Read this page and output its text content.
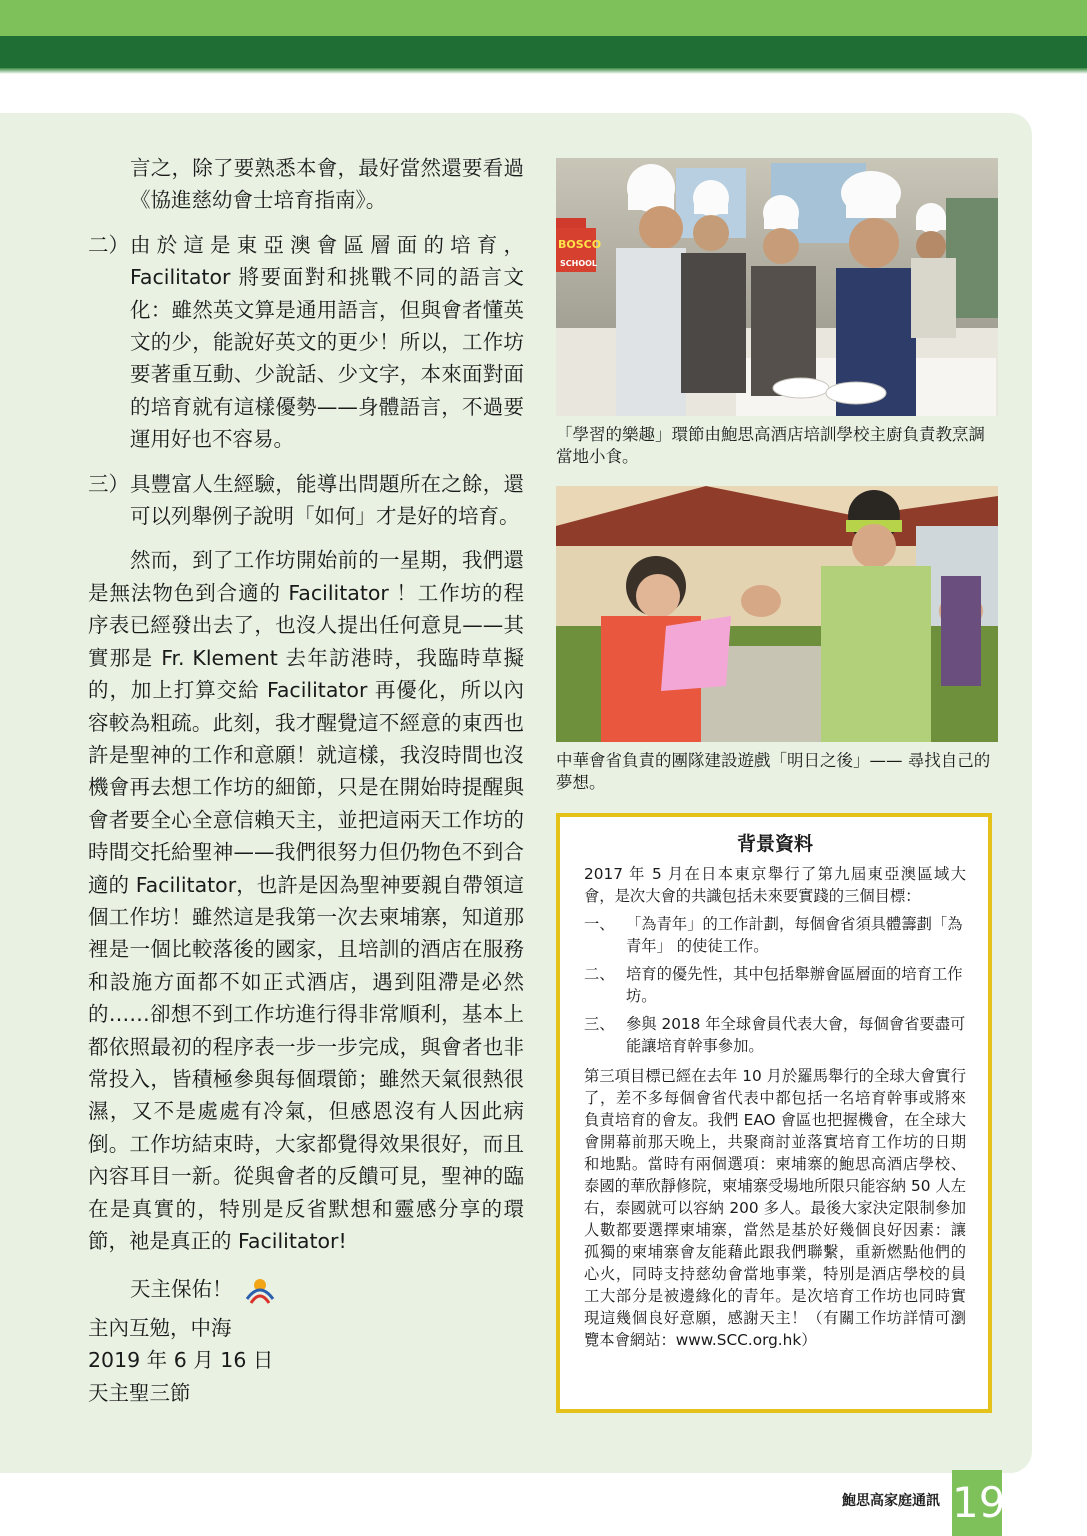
言之，除了要熟悉本會，最好當然還要看過《協進慈幼會士培育指南》。

二） 由於這是東亞澳會區層面的培育，Facilitator 將要面對和挑戰不同的語言文化：雖然英文算是通用語言，但與會者懂英文的少，能說好英文的更少！所以，工作坊要著重互動、少說話、少文字，本來面對面的培育就有這樣優勢——身體語言，不過要運用好也不容易。
三） 具豐富人生經驗，能導出問題所在之餘，還可以列舉例子說明「如何」才是好的培育。

然而，到了工作坊開始前的一星期，我們還是無法物色到合適的 Facilitator ！工作坊的程序表已經發出去了，也沒人提出任何意見——其實那是 Fr. Klement 去年訪港時，我臨時草擬的，加上打算交給 Facilitator 再優化，所以內容較為粗疏。此刻，我才醒覺這不經意的東西也許是聖神的工作和意願！就這樣，我沒時間也沒機會再去想工作坊的細節，只是在開始時提醒與會者要全心全意信賴天主，並把這兩天工作坊的時間交托給聖神——我們很努力但仍物色不到合適的 Facilitator，也許是因為聖神要親自帶領這個工作坊！雖然這是我第一次去柬埔寨，知道那裡是一個比較落後的國家，且培訓的酒店在服務和設施方面都不如正式酒店，遇到阻滯是必然的……卻想不到工作坊進行得非常順利，基本上都依照最初的程序表一步一步完成，與會者也非常投入，皆積極參與每個環節；雖然天氣很熱很濕，又不是處處有冷氣，但感恩沒有人因此病倒。工作坊結束時，大家都覺得效果很好，而且內容耳目一新。從與會者的反饋可見，聖神的臨在是真實的，特別是反省默想和靈感分享的環節，祂是真正的 Facilitator!

天主保佑！

主內互勉，中海

2019 年 6 月 16 日

天主聖三節

BOSCO
SCHOOL
「學習的樂趣」環節由鮑思高酒店培訓學校主廚負責教烹調當地小食。
中華會省負責的團隊建設遊戲「明日之後」—— 尋找自己的夢想。
背景資料

2017 年 5 月在日本東京舉行了第九屆東亞澳區域大會，是次大會的共識包括未來要實踐的三個目標：

一、 「為青年」的工作計劃，每個會省須具體籌劃「為青年」 的使徒工作。
二、 培育的優先性，其中包括舉辦會區層面的培育工作坊。
三、 參與 2018 年全球會員代表大會，每個會省要盡可能讓培育幹事參加。

第三項目標已經在去年 10 月於羅馬舉行的全球大會實行了，差不多每個會省代表中都包括一名培育幹事或將來負責培育的會友。我們 EAO 會區也把握機會，在全球大會開幕前那天晚上，共聚商討並落實培育工作坊的日期和地點。當時有兩個選項：柬埔寨的鮑思高酒店學校、泰國的華欣靜修院，柬埔寨受場地所限只能容納 50 人左右，泰國就可以容納 200 多人。最後大家決定限制參加人數都要選擇柬埔寨，當然是基於好幾個良好因素：讓孤獨的柬埔寨會友能藉此跟我們聯繫，重新燃點他們的心火，同時支持慈幼會當地事業，特別是酒店學校的員工大部分是被邊緣化的青年。是次培育工作坊也同時實現這幾個良好意願，感謝天主！（有關工作坊詳情可瀏覽本會網站：www.SCC.org.hk）

鮑思高家庭通訊 19
